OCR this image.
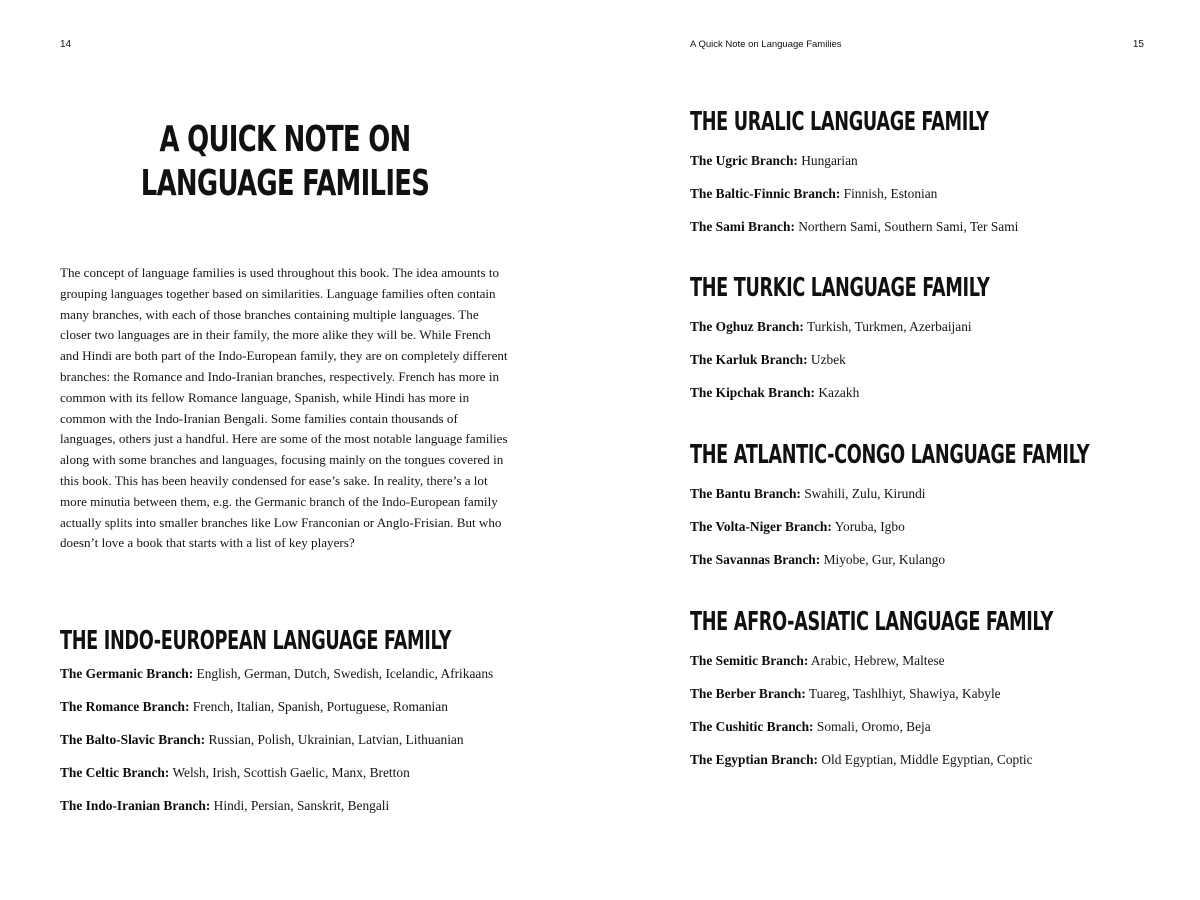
14
A QUICK NOTE ON
LANGUAGE FAMILIES

The concept of language families is used throughout this book. The idea amounts to grouping languages together based on similarities. Language families often contain many branches, with each of those branches containing multiple languages. The closer two languages are in their family, the more alike they will be. While French and Hindi are both part of the Indo-European family, they are on completely different branches: the Romance and Indo-Iranian branches, respectively. French has more in common with its fellow Romance language, Spanish, while Hindi has more in common with the Indo-Iranian Bengali. Some families contain thousands of languages, others just a handful. Here are some of the most notable language families along with some branches and languages, focusing mainly on the tongues covered in this book. This has been heavily condensed for ease’s sake. In reality, there’s a lot more minutia between them, e.g. the Germanic branch of the Indo-European family actually splits into smaller branches like Low Franconian or Anglo-Frisian. But who doesn’t love a book that starts with a list of key players?

THE INDO-EUROPEAN LANGUAGE FAMILY
The Germanic Branch: English, German, Dutch, Swedish, Icelandic, Afrikaans
The Romance Branch: French, Italian, Spanish, Portuguese, Romanian
The Balto-Slavic Branch: Russian, Polish, Ukrainian, Latvian, Lithuanian
The Celtic Branch: Welsh, Irish, Scottish Gaelic, Manx, Bretton
The Indo-Iranian Branch: Hindi, Persian, Sanskrit, Bengali
A Quick Note on Language Families	15
THE URALIC LANGUAGE FAMILY
The Ugric Branch: Hungarian
The Baltic-Finnic Branch: Finnish, Estonian
The Sami Branch: Northern Sami, Southern Sami, Ter Sami
THE TURKIC LANGUAGE FAMILY
The Oghuz Branch: Turkish, Turkmen, Azerbaijani
The Karluk Branch: Uzbek
The Kipchak Branch: Kazakh
THE ATLANTIC-CONGO LANGUAGE FAMILY
The Bantu Branch: Swahili, Zulu, Kirundi
The Volta-Niger Branch: Yoruba, Igbo
The Savannas Branch: Miyobe, Gur, Kulango
THE AFRO-ASIATIC LANGUAGE FAMILY
The Semitic Branch: Arabic, Hebrew, Maltese
The Berber Branch: Tuareg, Tashlhiyt, Shawiya, Kabyle
The Cushitic Branch: Somali, Oromo, Beja
The Egyptian Branch: Old Egyptian, Middle Egyptian, Coptic
